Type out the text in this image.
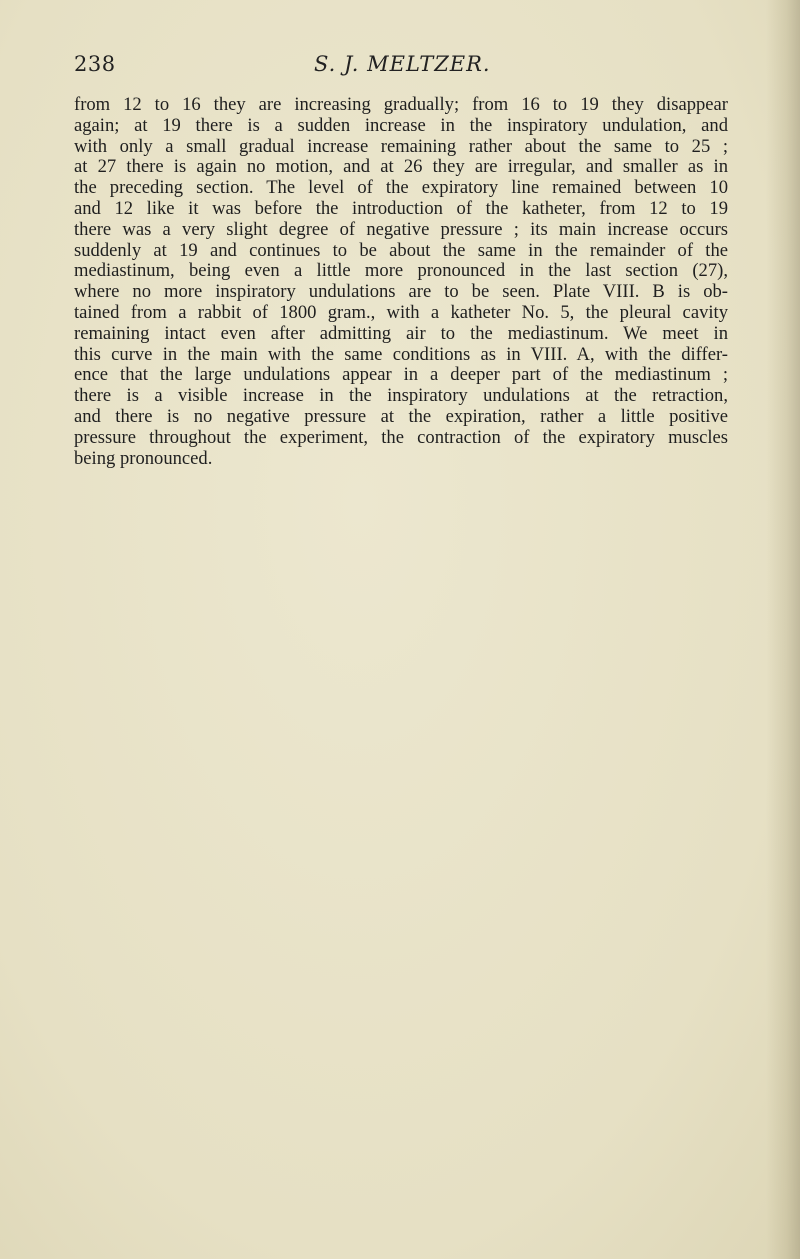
238	S. J. MELTZER.

from 12 to 16 they are increasing gradually; from 16 to 19 they disappear
again; at 19 there is a sudden increase in the inspiratory undulation, and
with only a small gradual increase remaining rather about the same to 25 ;
at 27 there is again no motion, and at 26 they are irregular, and smaller as in
the preceding section. The level of the expiratory line remained between 10
and 12 like it was before the introduction of the katheter, from 12 to 19
there was a very slight degree of negative pressure ; its main increase occurs
suddenly at 19 and continues to be about the same in the remainder of the
mediastinum, being even a little more pronounced in the last section (27),
where no more inspiratory undulations are to be seen. Plate VIII. B is ob-
tained from a rabbit of 1800 gram., with a katheter No. 5, the pleural cavity
remaining intact even after admitting air to the mediastinum. We meet in
this curve in the main with the same conditions as in VIII. A, with the differ-
ence that the large undulations appear in a deeper part of the mediastinum ;
there is a visible increase in the inspiratory undulations at the retraction,
and there is no negative pressure at the expiration, rather a little positive
pressure throughout the experiment, the contraction of the expiratory muscles
being pronounced.
